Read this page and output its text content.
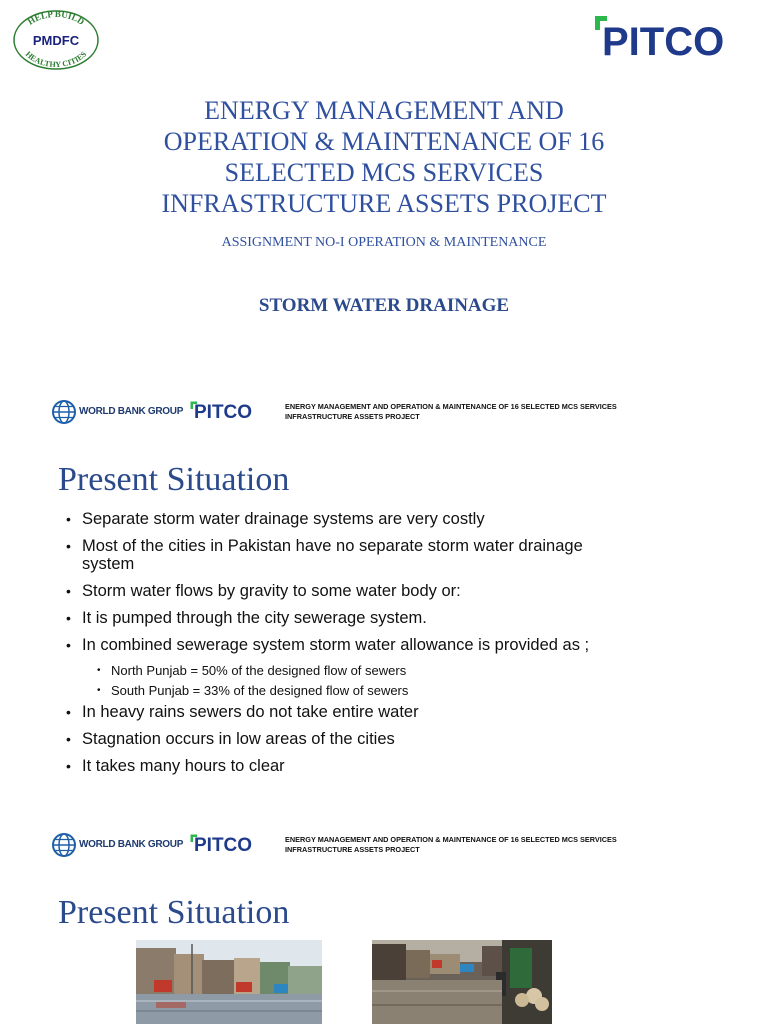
HELP BUILD
HEALTHY CITIES
PMDFC	PITCO
ENERGY MANAGEMENT AND
OPERATION & MAINTENANCE OF 16
SELECTED MCS SERVICES
INFRASTRUCTURE ASSETS PROJECT
ASSIGNMENT NO-I OPERATION & MAINTENANCE
STORM WATER DRAINAGE
WORLD BANK GROUP PITCO	ENERGY MANAGEMENT AND OPERATION & MAINTENANCE OF 16 SELECTED MCS SERVICES
INFRASTRUCTURE ASSETS PROJECT
Present Situation
• Separate storm water drainage systems are very costly
• Most of the cities in Pakistan have no separate storm water drainage system
• Storm water flows by gravity to some water body or:
• It is pumped through the city sewerage system.
• In combined sewerage system storm water allowance is provided as ;
• North Punjab = 50% of the designed flow of sewers
• South Punjab = 33% of the designed flow of sewers
• In heavy rains sewers do not take entire water
• Stagnation occurs in low areas of the cities
• It takes many hours to clear
WORLD BANK GROUP PITCO	ENERGY MANAGEMENT AND OPERATION & MAINTENANCE OF 16 SELECTED MCS SERVICES
INFRASTRUCTURE ASSETS PROJECT
Present Situation
